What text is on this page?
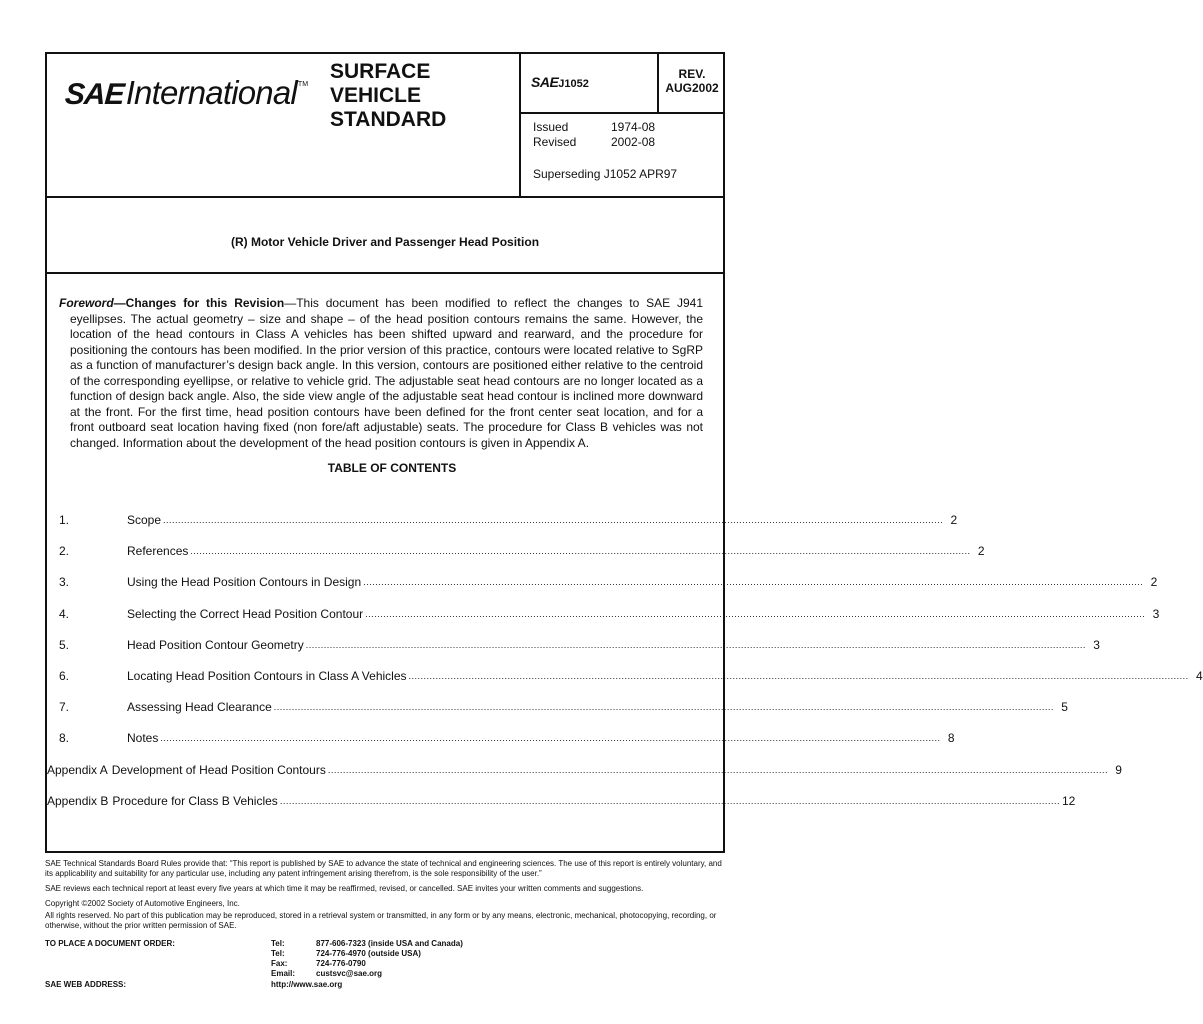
SAE International TM
SURFACE
VEHICLE
STANDARD
SAEJ1052
REV.
AUG2002
Issued	1974-08
Revised	2002-08
Superseding J1052 APR97
(R) Motor Vehicle Driver and Passenger Head Position
Foreword—Changes for this Revision—This document has been modified to reflect the changes to SAE J941 eyellipses. The actual geometry – size and shape – of the head position contours remains the same. However, the location of the head contours in Class A vehicles has been shifted upward and rearward, and the procedure for positioning the contours has been modified. In the prior version of this practice, contours were located relative to SgRP as a function of manufacturer’s design back angle. In this version, contours are positioned either relative to the centroid of the corresponding eyellipse, or relative to vehicle grid. The adjustable seat head contours are no longer located as a function of design back angle. Also, the side view angle of the adjustable seat head contour is inclined more downward at the front. For the first time, head position contours have been defined for the front center seat location, and for a front outboard seat location having fixed (non fore/aft adjustable) seats. The procedure for Class B vehicles was not changed. Information about the development of the head position contours is given in Appendix A.
TABLE OF CONTENTS
1.	Scope .................................................................................................................................................................................................................................................................... 2
2.	References .................................................................................................................................................................................................................................................................... 2
3.	Using the Head Position Contours in Design .................................................................................................................................................................................................................................................................... 2
4.	Selecting the Correct Head Position Contour .................................................................................................................................................................................................................................................................... 3
5.	Head Position Contour Geometry .................................................................................................................................................................................................................................................................... 3
6.	Locating Head Position Contours in Class A Vehicles .................................................................................................................................................................................................................................................................... 4
7.	Assessing Head Clearance .................................................................................................................................................................................................................................................................... 5
8.	Notes .................................................................................................................................................................................................................................................................... 8
Appendix A Development of Head Position Contours .................................................................................................................................................................................................................................................................... 9
Appendix B Procedure for Class B Vehicles .................................................................................................................................................................................................................................................................... 12

SAE Technical Standards Board Rules provide that: “This report is published by SAE to advance the state of technical and engineering sciences. The use of this report is entirely voluntary, and its applicability and suitability for any particular use, including any patent infringement arising therefrom, is the sole responsibility of the user.”

SAE reviews each technical report at least every five years at which time it may be reaffirmed, revised, or cancelled. SAE invites your written comments and suggestions.

Copyright ©2002 Society of Automotive Engineers, Inc.

All rights reserved. No part of this publication may be reproduced, stored in a retrieval system or transmitted, in any form or by any means, electronic, mechanical, photocopying, recording, or otherwise, without the prior written permission of SAE.

TO PLACE A DOCUMENT ORDER:	Tel:	877-606-7323 (inside USA and Canada)
Tel:	724-776-4970 (outside USA)
Fax:	724-776-0790
Email:	custsvc@sae.org
SAE WEB ADDRESS:	http://www.sae.org
